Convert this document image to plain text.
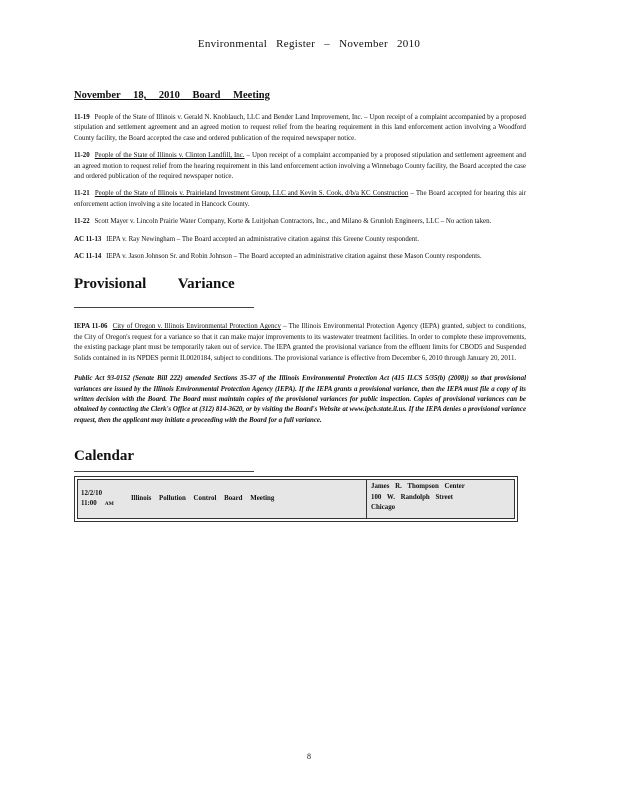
Environmental Register – November 2010
November 18, 2010 Board Meeting
11-19 People of the State of Illinois v. Gerald N. Knoblauch, LLC and Bender Land Improvement, Inc. – Upon receipt of a complaint accompanied by a proposed stipulation and settlement agreement and an agreed motion to request relief from the hearing requirement in this land enforcement action involving a Woodford County facility, the Board accepted the case and ordered publication of the required newspaper notice.
11-20 People of the State of Illinois v. Clinton Landfill, Inc. – Upon receipt of a complaint accompanied by a proposed stipulation and settlement agreement and an agreed motion to request relief from the hearing requirement in this land enforcement action involving a Winnebago County facility, the Board accepted the case and ordered publication of the required newspaper notice.
11-21 People of the State of Illinois v. Prairieland Investment Group, LLC and Kevin S. Cook, d/b/a KC Construction – The Board accepted for hearing this air enforcement action involving a site located in Hancock County.
11-22 Scott Mayer v. Lincoln Prairie Water Company, Korte & Luitjohan Contractors, Inc., and Milano & Grunloh Engineers, LLC – No action taken.
AC 11-13 IEPA v. Ray Newingham – The Board accepted an administrative citation against this Greene County respondent.
AC 11-14 IEPA v. Jason Johnson Sr. and Robin Johnson – The Board accepted an administrative citation against these Mason County respondents.
Provisional Variance
IEPA 11-06 City of Oregon v. Illinois Environmental Protection Agency – The Illinois Environmental Protection Agency (IEPA) granted, subject to conditions, the City of Oregon's request for a variance so that it can make major improvements to its wastewater treatment facilities. In order to complete these improvements, the existing package plant must be temporarily taken out of service. The IEPA granted the provisional variance from the effluent limits for CBOD5 and Suspended Solids contained in its NPDES permit IL0020184, subject to conditions. The provisional variance is effective from December 6, 2010 through January 20, 2011.
Public Act 93-0152 (Senate Bill 222) amended Sections 35-37 of the Illinois Environmental Protection Act (415 ILCS 5/35(b) (2008)) so that provisional variances are issued by the Illinois Environmental Protection Agency (IEPA). If the IEPA grants a provisional variance, then the IEPA must file a copy of its written decision with the Board. The Board must maintain copies of the provisional variances for public inspection. Copies of provisional variances can be obtained by contacting the Clerk's Office at (312) 814-3620, or by visiting the Board's Website at www.ipcb.state.il.us. If the IEPA denies a provisional variance request, then the applicant may initiate a proceeding with the Board for a full variance.
Calendar
12/2/10
11:00 AM
Illinois Pollution Control Board Meeting
James R. Thompson Center
100 W. Randolph Street
Chicago
8
